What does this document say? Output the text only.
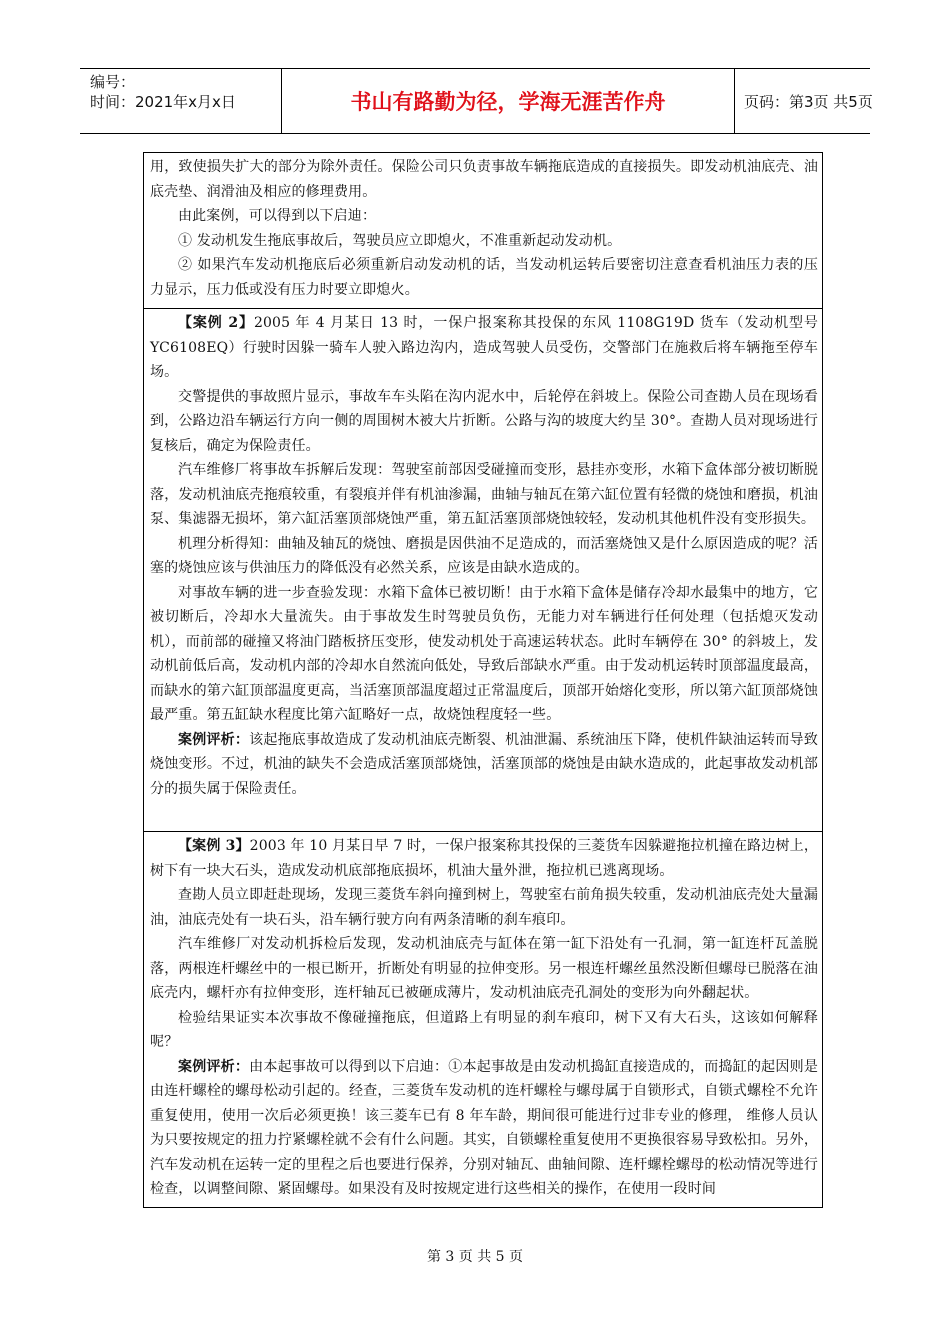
编号：
时间：2021年x月x日	书山有路勤为径，学海无涯苦作舟	页码：第3页 共5页

用，致使损失扩大的部分为除外责任。保险公司只负责事故车辆拖底造成的直接损失。即发动机油底壳、油底壳垫、润滑油及相应的修理费用。

由此案例，可以得到以下启迪：

① 发动机发生拖底事故后，驾驶员应立即熄火，不准重新起动发动机。

② 如果汽车发动机拖底后必须重新启动发动机的话，当发动机运转后要密切注意查看机油压力表的压力显示，压力低或没有压力时要立即熄火。

【案例 2】2005 年 4 月某日 13 时，一保户报案称其投保的东风 1108G19D 货车（发动机型号 YC6108EQ）行驶时因躲一骑车人驶入路边沟内，造成驾驶人员受伤，交警部门在施救后将车辆拖至停车场。

交警提供的事故照片显示，事故车车头陷在沟内泥水中，后轮停在斜坡上。保险公司查勘人员在现场看到，公路边沿车辆运行方向一侧的周围树木被大片折断。公路与沟的坡度大约呈 30°。查勘人员对现场进行复核后，确定为保险责任。

汽车维修厂将事故车拆解后发现：驾驶室前部因受碰撞而变形，悬挂亦变形，水箱下盒体部分被切断脱落，发动机油底壳拖痕较重，有裂痕并伴有机油渗漏，曲轴与轴瓦在第六缸位置有轻微的烧蚀和磨损，机油泵、集滤器无损坏，第六缸活塞顶部烧蚀严重，第五缸活塞顶部烧蚀较轻，发动机其他机件没有变形损失。

机理分析得知：曲轴及轴瓦的烧蚀、磨损是因供油不足造成的，而活塞烧蚀又是什么原因造成的呢？活塞的烧蚀应该与供油压力的降低没有必然关系，应该是由缺水造成的。

对事故车辆的进一步查验发现：水箱下盒体已被切断！由于水箱下盒体是储存冷却水最集中的地方，它被切断后，冷却水大量流失。由于事故发生时驾驶员负伤，无能力对车辆进行任何处理（包括熄灭发动机），而前部的碰撞又将油门踏板挤压变形，使发动机处于高速运转状态。此时车辆停在 30° 的斜坡上，发动机前低后高，发动机内部的冷却水自然流向低处，导致后部缺水严重。由于发动机运转时顶部温度最高，而缺水的第六缸顶部温度更高，当活塞顶部温度超过正常温度后，顶部开始熔化变形，所以第六缸顶部烧蚀最严重。第五缸缺水程度比第六缸略好一点，故烧蚀程度轻一些。

案例评析：该起拖底事故造成了发动机油底壳断裂、机油泄漏、系统油压下降，使机件缺油运转而导致烧蚀变形。不过，机油的缺失不会造成活塞顶部烧蚀，活塞顶部的烧蚀是由缺水造成的，此起事故发动机部分的损失属于保险责任。

【案例 3】2003 年 10 月某日早 7 时，一保户报案称其投保的三菱货车因躲避拖拉机撞在路边树上，树下有一块大石头，造成发动机底部拖底损坏，机油大量外泄，拖拉机已逃离现场。

查勘人员立即赶赴现场，发现三菱货车斜向撞到树上，驾驶室右前角损失较重，发动机油底壳处大量漏油，油底壳处有一块石头，沿车辆行驶方向有两条清晰的刹车痕印。

汽车维修厂对发动机拆检后发现，发动机油底壳与缸体在第一缸下沿处有一孔洞，第一缸连杆瓦盖脱落，两根连杆螺丝中的一根已断开，折断处有明显的拉伸变形。另一根连杆螺丝虽然没断但螺母已脱落在油底壳内，螺杆亦有拉伸变形，连杆轴瓦已被砸成薄片，发动机油底壳孔洞处的变形为向外翻起状。

检验结果证实本次事故不像碰撞拖底，但道路上有明显的刹车痕印，树下又有大石头，这该如何解释呢？

案例评析：由本起事故可以得到以下启迪：①本起事故是由发动机捣缸直接造成的，而捣缸的起因则是由连杆螺栓的螺母松动引起的。经查，三菱货车发动机的连杆螺栓与螺母属于自锁形式，自锁式螺栓不允许重复使用，使用一次后必须更换！该三菱车已有 8 年车龄，期间很可能进行过非专业的修理， 维修人员认为只要按规定的扭力拧紧螺栓就不会有什么问题。其实，自锁螺栓重复使用不更换很容易导致松扣。另外，汽车发动机在运转一定的里程之后也要进行保养，分别对轴瓦、曲轴间隙、连杆螺栓螺母的松动情况等进行检查，以调整间隙、紧固螺母。如果没有及时按规定进行这些相关的操作，在使用一段时间

第 3 页 共 5 页
